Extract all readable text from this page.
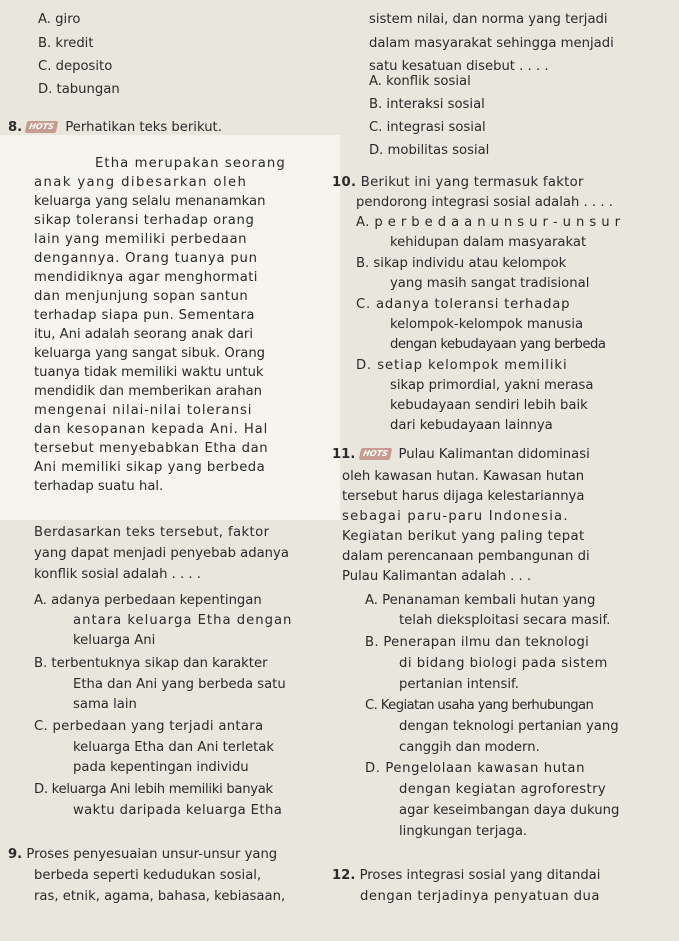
A. giro
B. kredit
C. deposito
D. tabungan
8. HOTS Perhatikan teks berikut.
Etha merupakan seorang
anak yang dibesarkan oleh
keluarga yang selalu menanamkan
sikap toleransi terhadap orang
lain yang memiliki perbedaan
dengannya. Orang tuanya pun
mendidiknya agar menghormati
dan menjunjung sopan santun
terhadap siapa pun. Sementara
itu, Ani adalah seorang anak dari
keluarga yang sangat sibuk. Orang
tuanya tidak memiliki waktu untuk
mendidik dan memberikan arahan
mengenai nilai-nilai toleransi
dan kesopanan kepada Ani. Hal
tersebut menyebabkan Etha dan
Ani memiliki sikap yang berbeda
terhadap suatu hal.
Berdasarkan teks tersebut, faktor
yang dapat menjadi penyebab adanya
konflik sosial adalah . . . .
A. adanya perbedaan kepentingan
antara keluarga Etha dengan
keluarga Ani
B. terbentuknya sikap dan karakter
Etha dan Ani yang berbeda satu
sama lain
C. perbedaan yang terjadi antara
keluarga Etha dan Ani terletak
pada kepentingan individu
D. keluarga Ani lebih memiliki banyak
waktu daripada keluarga Etha
9. Proses penyesuaian unsur-unsur yang
berbeda seperti kedudukan sosial,
ras, etnik, agama, bahasa, kebiasaan,
sistem nilai, dan norma yang terjadi
dalam masyarakat sehingga menjadi
satu kesatuan disebut . . . .
A. konflik sosial
B. interaksi sosial
C. integrasi sosial
D. mobilitas sosial
10. Berikut ini yang termasuk faktor
pendorong integrasi sosial adalah . . . .
A. p e r b e d a a n u n s u r - u n s u r
kehidupan dalam masyarakat
B. sikap individu atau kelompok
yang masih sangat tradisional
C. adanya toleransi terhadap
kelompok-kelompok manusia
dengan kebudayaan yang berbeda
D. setiap kelompok memiliki
sikap primordial, yakni merasa
kebudayaan sendiri lebih baik
dari kebudayaan lainnya
11. HOTS Pulau Kalimantan didominasi
oleh kawasan hutan. Kawasan hutan
tersebut harus dijaga kelestariannya
sebagai paru-paru Indonesia.
Kegiatan berikut yang paling tepat
dalam perencanaan pembangunan di
Pulau Kalimantan adalah . . .
A. Penanaman kembali hutan yang
telah dieksploitasi secara masif.
B. Penerapan ilmu dan teknologi
di bidang biologi pada sistem
pertanian intensif.
C. Kegiatan usaha yang berhubungan
dengan teknologi pertanian yang
canggih dan modern.
D. Pengelolaan kawasan hutan
dengan kegiatan agroforestry
agar keseimbangan daya dukung
lingkungan terjaga.
12. Proses integrasi sosial yang ditandai
dengan terjadinya penyatuan dua
